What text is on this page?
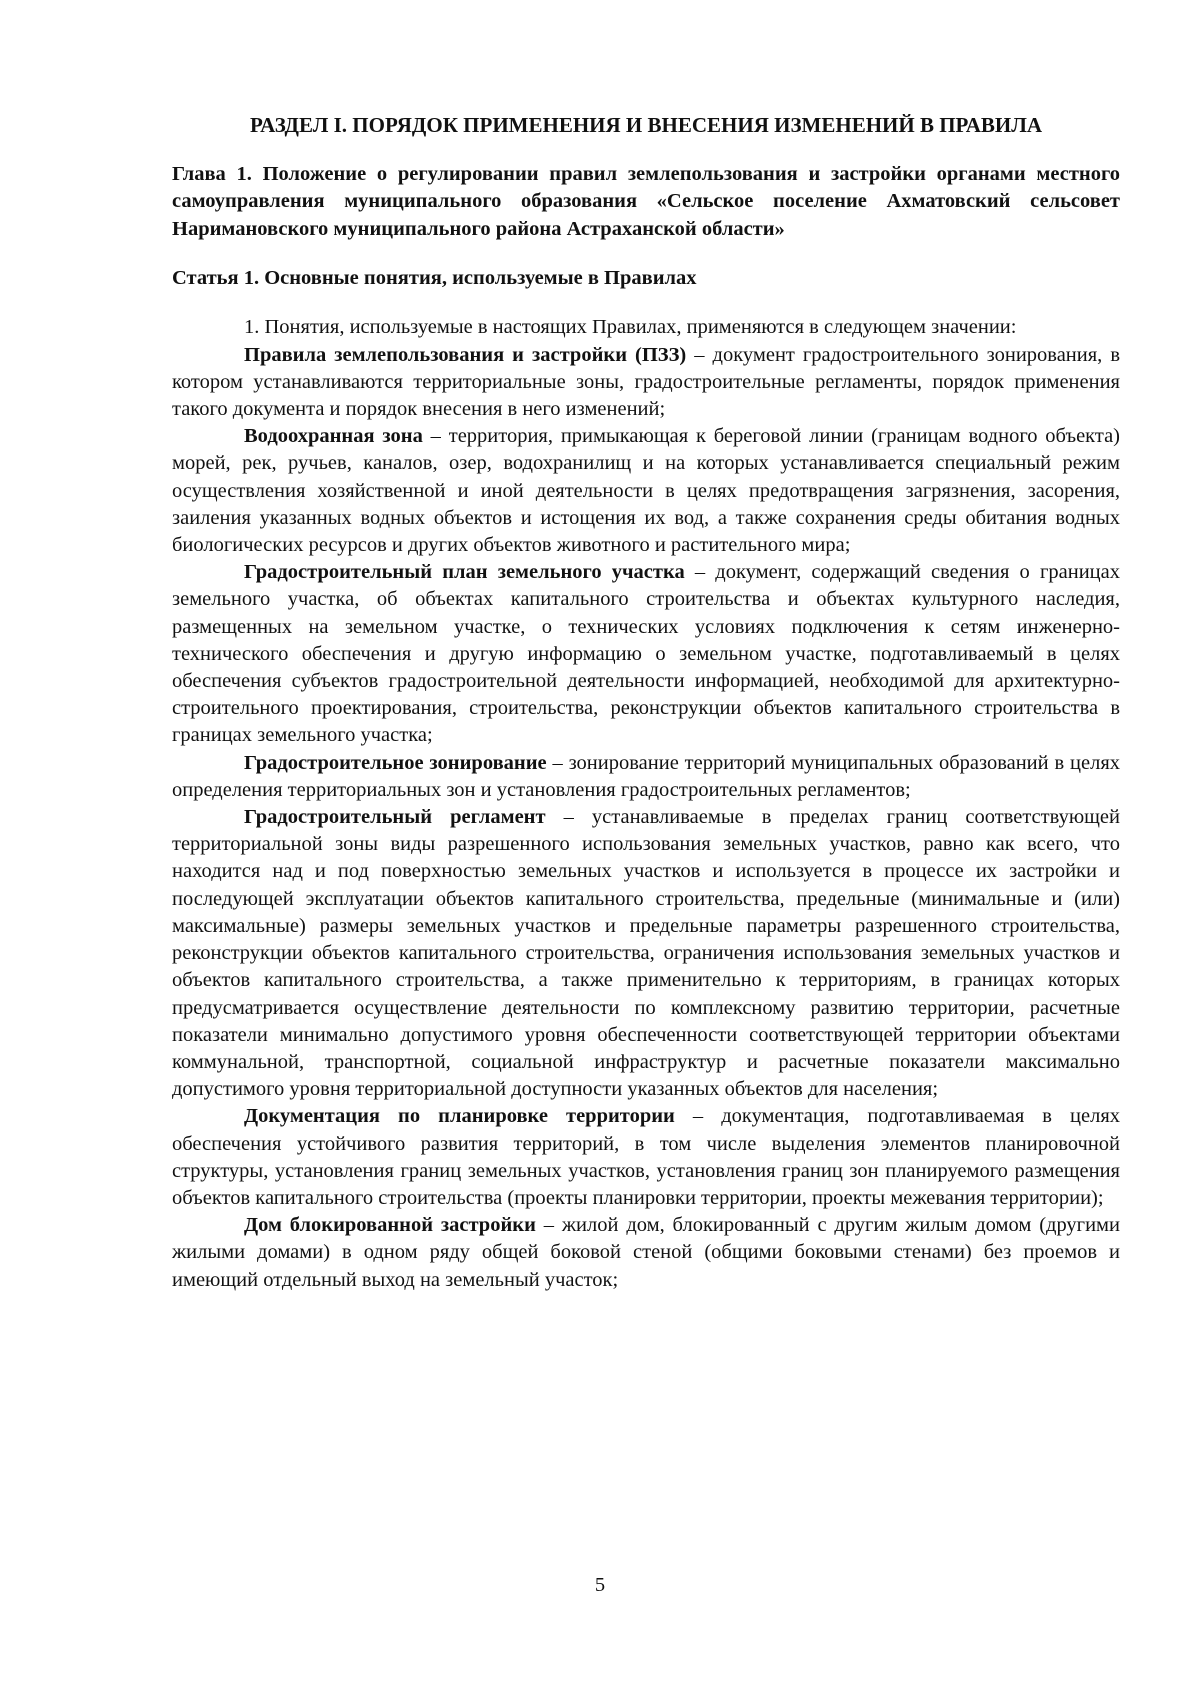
РАЗДЕЛ I. ПОРЯДОК ПРИМЕНЕНИЯ И ВНЕСЕНИЯ ИЗМЕНЕНИЙ В ПРАВИЛА
Глава 1. Положение о регулировании правил землепользования и застройки органами местного самоуправления муниципального образования «Сельское поселение Ахматовский сельсовет Наримановского муниципального района Астраханской области»
Статья 1. Основные понятия, используемые в Правилах

1. Понятия, используемые в настоящих Правилах, применяются в следующем значении:

Правила землепользования и застройки (ПЗЗ) – документ градостроительного зонирования, в котором устанавливаются территориальные зоны, градостроительные регламенты, порядок применения такого документа и порядок внесения в него изменений;

Водоохранная зона – территория, примыкающая к береговой линии (границам водного объекта) морей, рек, ручьев, каналов, озер, водохранилищ и на которых устанавливается специальный режим осуществления хозяйственной и иной деятельности в целях предотвращения загрязнения, засорения, заиления указанных водных объектов и истощения их вод, а также сохранения среды обитания водных биологических ресурсов и других объектов животного и растительного мира;

Градостроительный план земельного участка – документ, содержащий сведения о границах земельного участка, об объектах капитального строительства и объектах культурного наследия, размещенных на земельном участке, о технических условиях подключения к сетям инженерно-технического обеспечения и другую информацию о земельном участке, подготавливаемый в целях обеспечения субъектов градостроительной деятельности информацией, необходимой для архитектурно-строительного проектирования, строительства, реконструкции объектов капитального строительства в границах земельного участка;

Градостроительное зонирование – зонирование территорий муниципальных образований в целях определения территориальных зон и установления градостроительных регламентов;

Градостроительный регламент – устанавливаемые в пределах границ соответствующей территориальной зоны виды разрешенного использования земельных участков, равно как всего, что находится над и под поверхностью земельных участков и используется в процессе их застройки и последующей эксплуатации объектов капитального строительства, предельные (минимальные и (или) максимальные) размеры земельных участков и предельные параметры разрешенного строительства, реконструкции объектов капитального строительства, ограничения использования земельных участков и объектов капитального строительства, а также применительно к территориям, в границах которых предусматривается осуществление деятельности по комплексному развитию территории, расчетные показатели минимально допустимого уровня обеспеченности соответствующей территории объектами коммунальной, транспортной, социальной инфраструктур и расчетные показатели максимально допустимого уровня территориальной доступности указанных объектов для населения;

Документация по планировке территории – документация, подготавливаемая в целях обеспечения устойчивого развития территорий, в том числе выделения элементов планировочной структуры, установления границ земельных участков, установления границ зон планируемого размещения объектов капитального строительства (проекты планировки территории, проекты межевания территории);

Дом блокированной застройки – жилой дом, блокированный с другим жилым домом (другими жилыми домами) в одном ряду общей боковой стеной (общими боковыми стенами) без проемов и имеющий отдельный выход на земельный участок;

5
